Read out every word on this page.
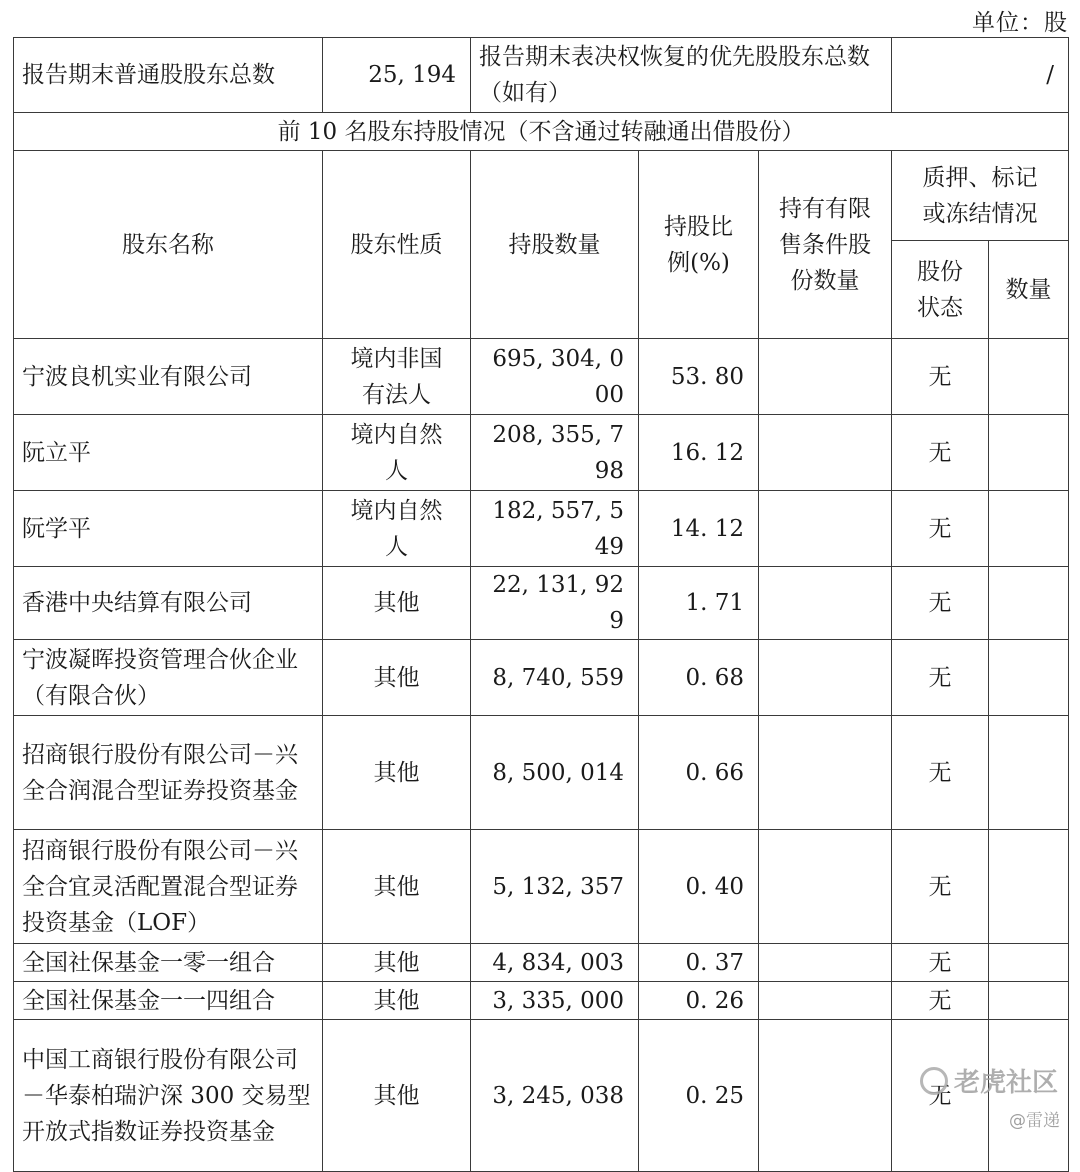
单位：股
报告期末普通股股东总数	25, 194	报告期末表决权恢复的优先股股东总数（如有）			/	
前 10 名股东持股情况（不含通过转融通出借股份）						
股东名称	股东性质	持股数量	持股比例(%)	持有有限售条件股份数量	质押、标记或冻结情况	
					股份状态	数量
宁波良机实业有限公司	境内非国有法人	695, 304, 000	53. 80		无	
阮立平	境内自然人	208, 355, 798	16. 12		无	
阮学平	境内自然人	182, 557, 549	14. 12		无	
香港中央结算有限公司	其他	22, 131, 929	1. 71		无	
宁波凝晖投资管理合伙企业（有限合伙）	其他	8, 740, 559	0. 68		无	
招商银行股份有限公司－兴全合润混合型证券投资基金	其他	8, 500, 014	0. 66		无	
招商银行股份有限公司－兴全合宜灵活配置混合型证券投资基金（LOF）	其他	5, 132, 357	0. 40		无	
全国社保基金一零一组合	其他	4, 834, 003	0. 37		无	
全国社保基金一一四组合	其他	3, 335, 000	0. 26		无	
中国工商银行股份有限公司－华泰柏瑞沪深 300 交易型开放式指数证券投资基金	其他	3, 245, 038	0. 25		无	老虎社区
@雷递
